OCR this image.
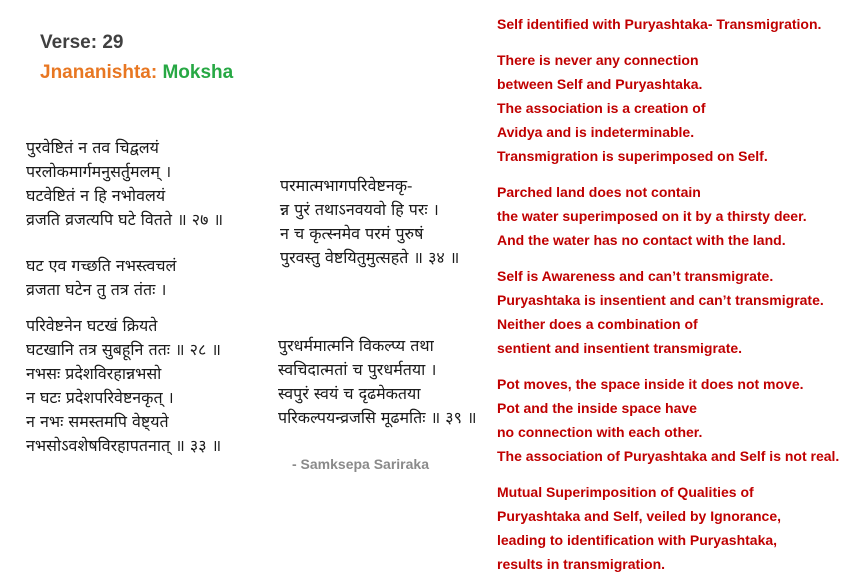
Verse: 29
Jnananishta: Moksha
पुरवेष्टितं न तव चिद्वलयं
परलोकमार्गमनुसर्तुमलम् ।
घटवेष्टितं न हि नभोवलयं
व्रजति व्रजत्यपि घटे वितते ॥ २७ ॥
घट एव गच्छति नभस्त्वचलं
व्रजता घटेन तु तत्र तंतः ।
परिवेष्टनेन घटखं क्रियते
घटखानि तत्र सुबहूनि ततः ॥ २८ ॥
नभसः प्रदेशविरहान्नभसो
न घटः प्रदेशपरिवेष्टनकृत् ।
न नभः समस्तमपि वेष्ट्यते
नभसोऽवशेषविरहापतनात् ॥ ३३ ॥
परमात्मभागपरिवेष्टनकृ-
न्न पुरं तथाऽनवयवो हि परः ।
न च कृत्स्नमेव परमं पुरुषं
पुरवस्तु वेष्टयितुमुत्सहते ॥ ३४ ॥
पुरधर्ममात्मनि विकल्प्य तथा
स्वचिदात्मतां च पुरधर्मतया ।
स्वपुरं स्वयं च दृढमेकतया
परिकल्पयन्व्रजसि मूढमतिः ॥ ३९ ॥
- Samksepa Sariraka
Self identified with Puryashtaka- Transmigration.
There is never any connection
between Self and Puryashtaka.
The association is a creation of
Avidya and is indeterminable.
Transmigration is superimposed on Self.
Parched land does not contain
the water superimposed on it by a thirsty deer.
And the water has no contact with the land.
Self is Awareness and can’t transmigrate.
Puryashtaka is insentient and can’t transmigrate.
Neither does a combination of
sentient and insentient transmigrate.
Pot moves, the space inside it does not move.
Pot and the inside space have
no connection with each other.
The association of Puryashtaka and Self is not real.
Mutual Superimposition of Qualities of
Puryashtaka and Self, veiled by Ignorance,
leading to identification with Puryashtaka,
results in transmigration.
